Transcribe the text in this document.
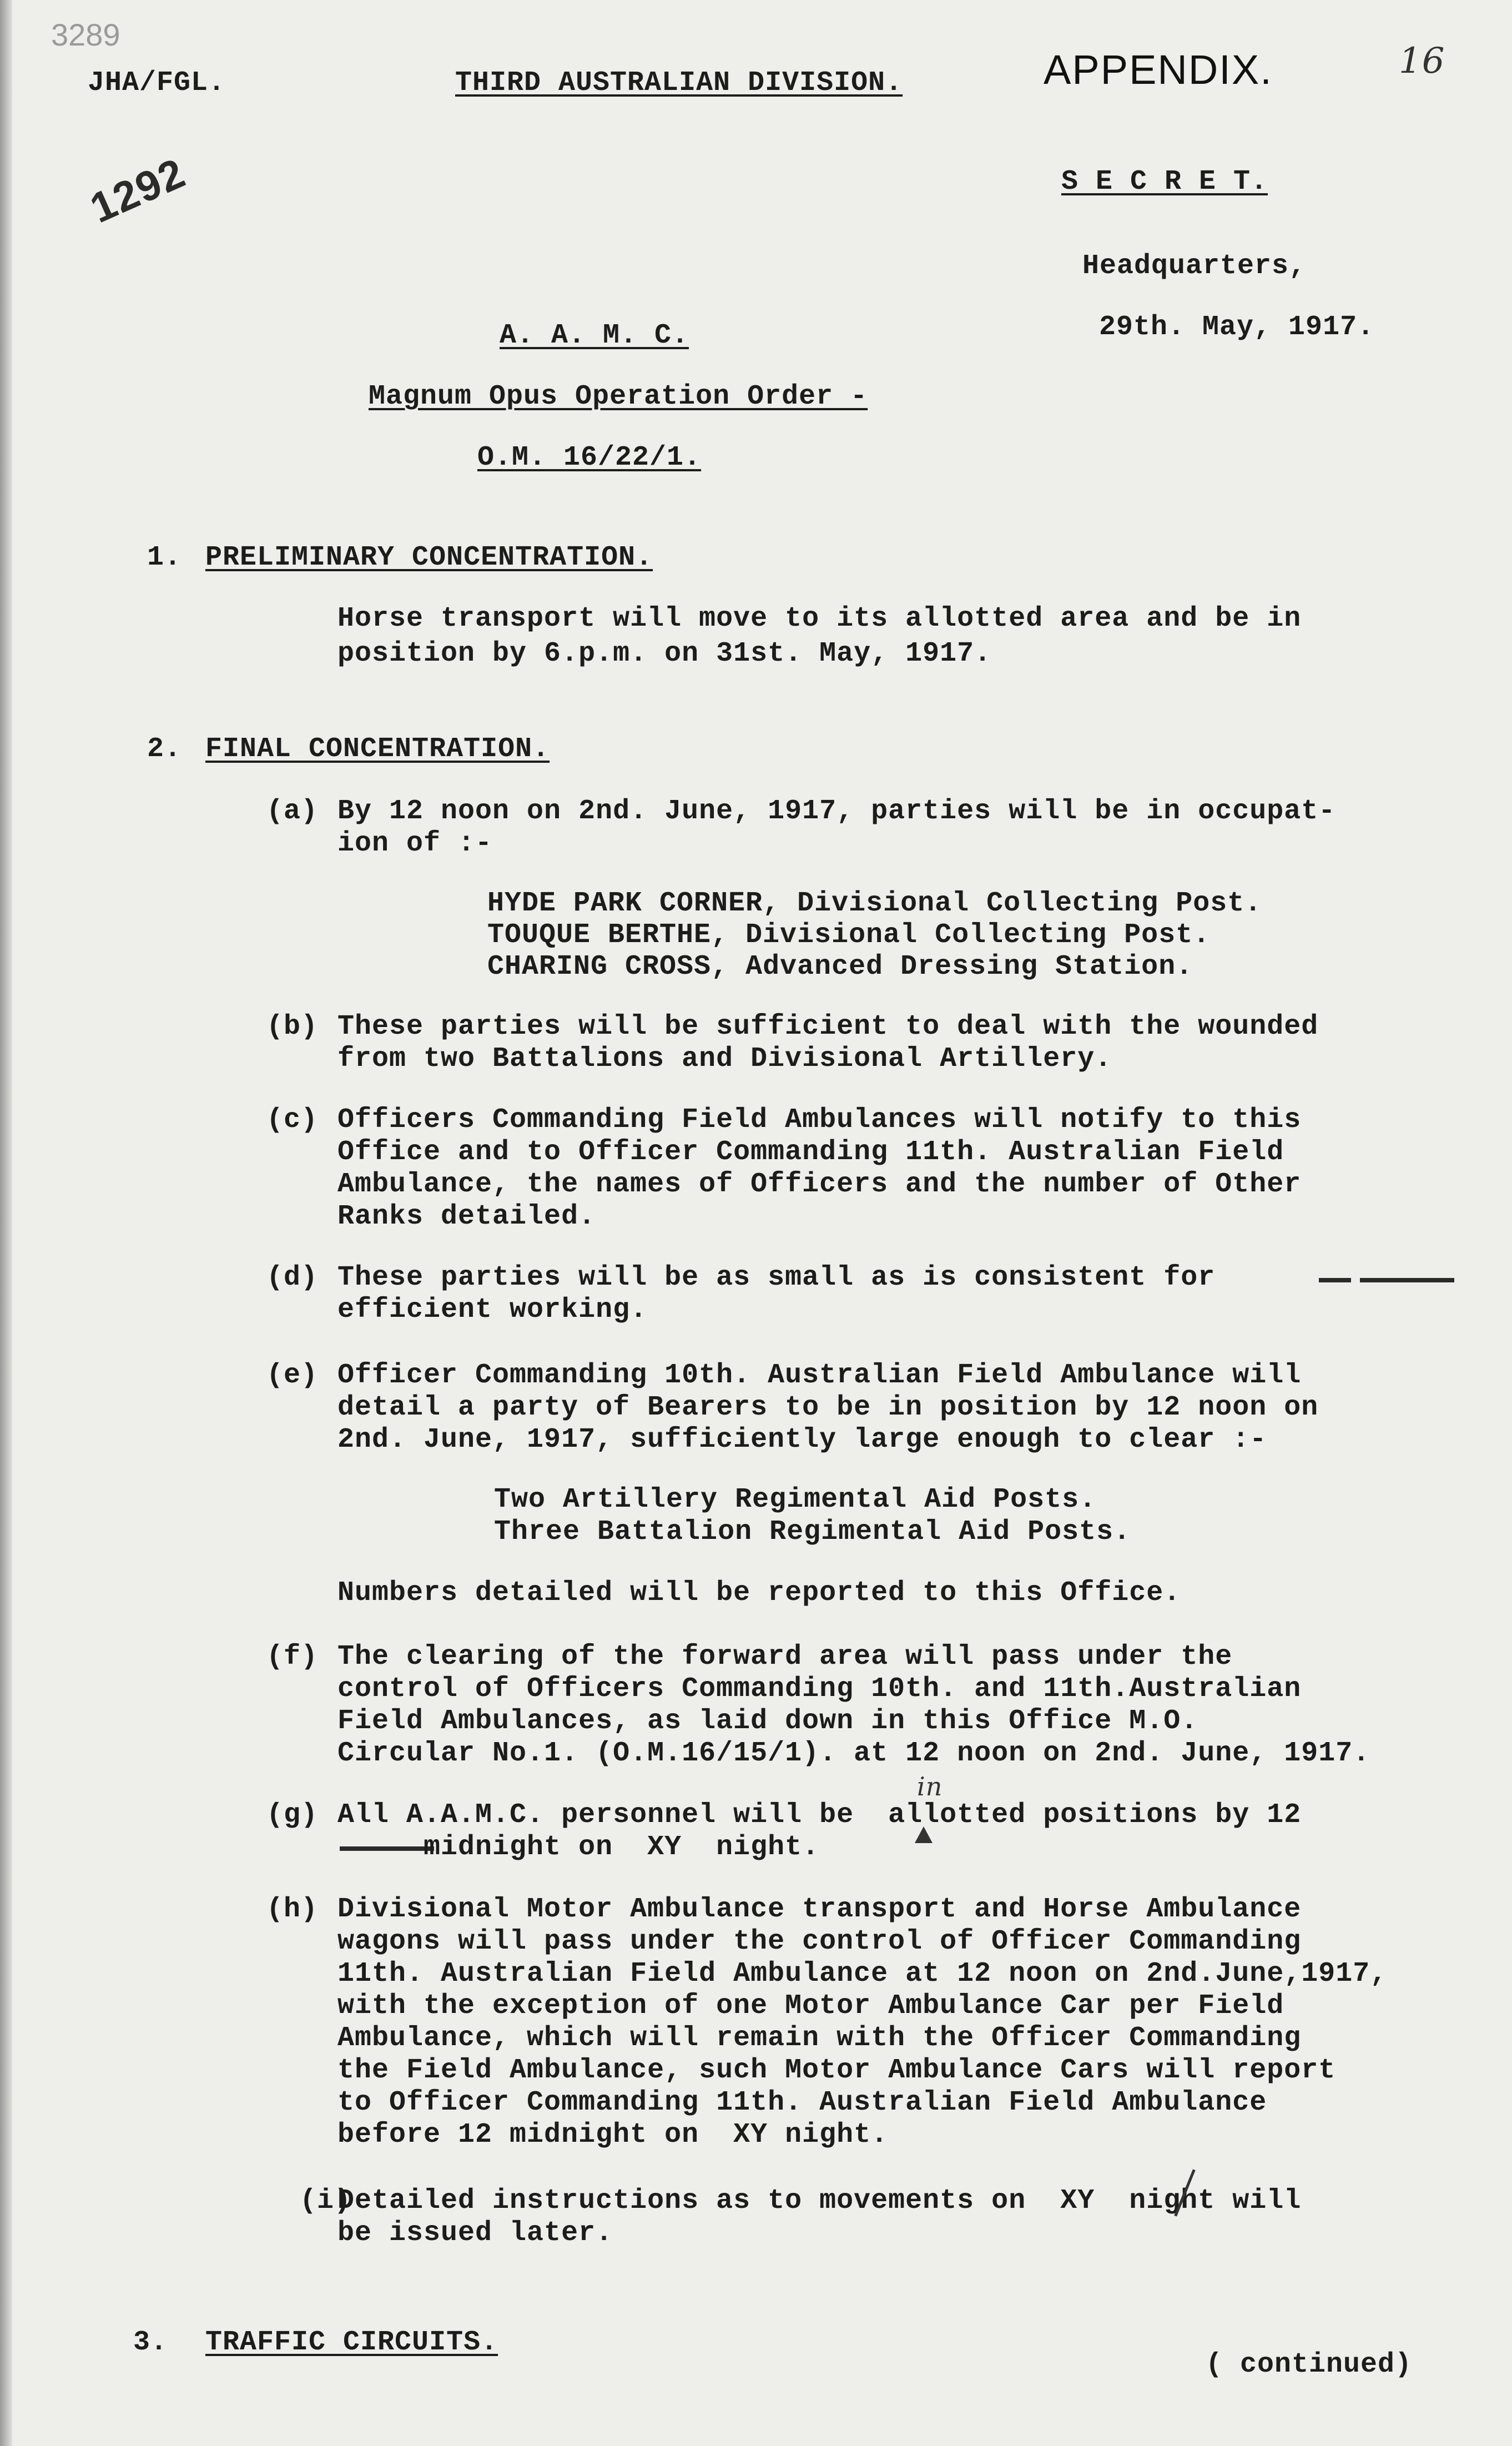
3289
JHA/FGL.	THIRD AUSTRALIAN DIVISION.	APPENDIX.	16
1292	S E C R E T.
Headquarters,
29th. May, 1917.
A. A. M. C.
Magnum Opus Operation Order -
O.M. 16/22/1.
1. PRELIMINARY CONCENTRATION.
Horse transport will move to its allotted area and be in
position by 6.p.m. on 31st. May, 1917.
2. FINAL CONCENTRATION.
(a) By 12 noon on 2nd. June, 1917, parties will be in occupat-
ion of :-
HYDE PARK CORNER, Divisional Collecting Post.
TOUQUE BERTHE, Divisional Collecting Post.
CHARING CROSS, Advanced Dressing Station.
(b) These parties will be sufficient to deal with the wounded
from two Battalions and Divisional Artillery.
(c) Officers Commanding Field Ambulances will notify to this
Office and to Officer Commanding 11th. Australian Field
Ambulance, the names of Officers and the number of Other
Ranks detailed.
(d) These parties will be as small as is consistent for
efficient working.
(e) Officer Commanding 10th. Australian Field Ambulance will
detail a party of Bearers to be in position by 12 noon on
2nd. June, 1917, sufficiently large enough to clear :-
Two Artillery Regimental Aid Posts.
Three Battalion Regimental Aid Posts.
Numbers detailed will be reported to this Office.
(f) The clearing of the forward area will pass under the
control of Officers Commanding 10th. and 11th.Australian
Field Ambulances, as laid down in this Office M.O.
Circular No.1. (O.M.16/15/1). at 12 noon on 2nd. June, 1917.
(g) All A.A.M.C. personnel will be  allotted positions by 12
in
midnight on  XY  night.
(h) Divisional Motor Ambulance transport and Horse Ambulance
wagons will pass under the control of Officer Commanding
11th. Australian Field Ambulance at 12 noon on 2nd.June,1917,
with the exception of one Motor Ambulance Car per Field
Ambulance, which will remain with the Officer Commanding
the Field Ambulance, such Motor Ambulance Cars will report
to Officer Commanding 11th. Australian Field Ambulance
before 12 midnight on  XY night.
(i)
Detailed instructions as to movements on  XY  night will
be issued later.
3. TRAFFIC CIRCUITS.
( continued)
